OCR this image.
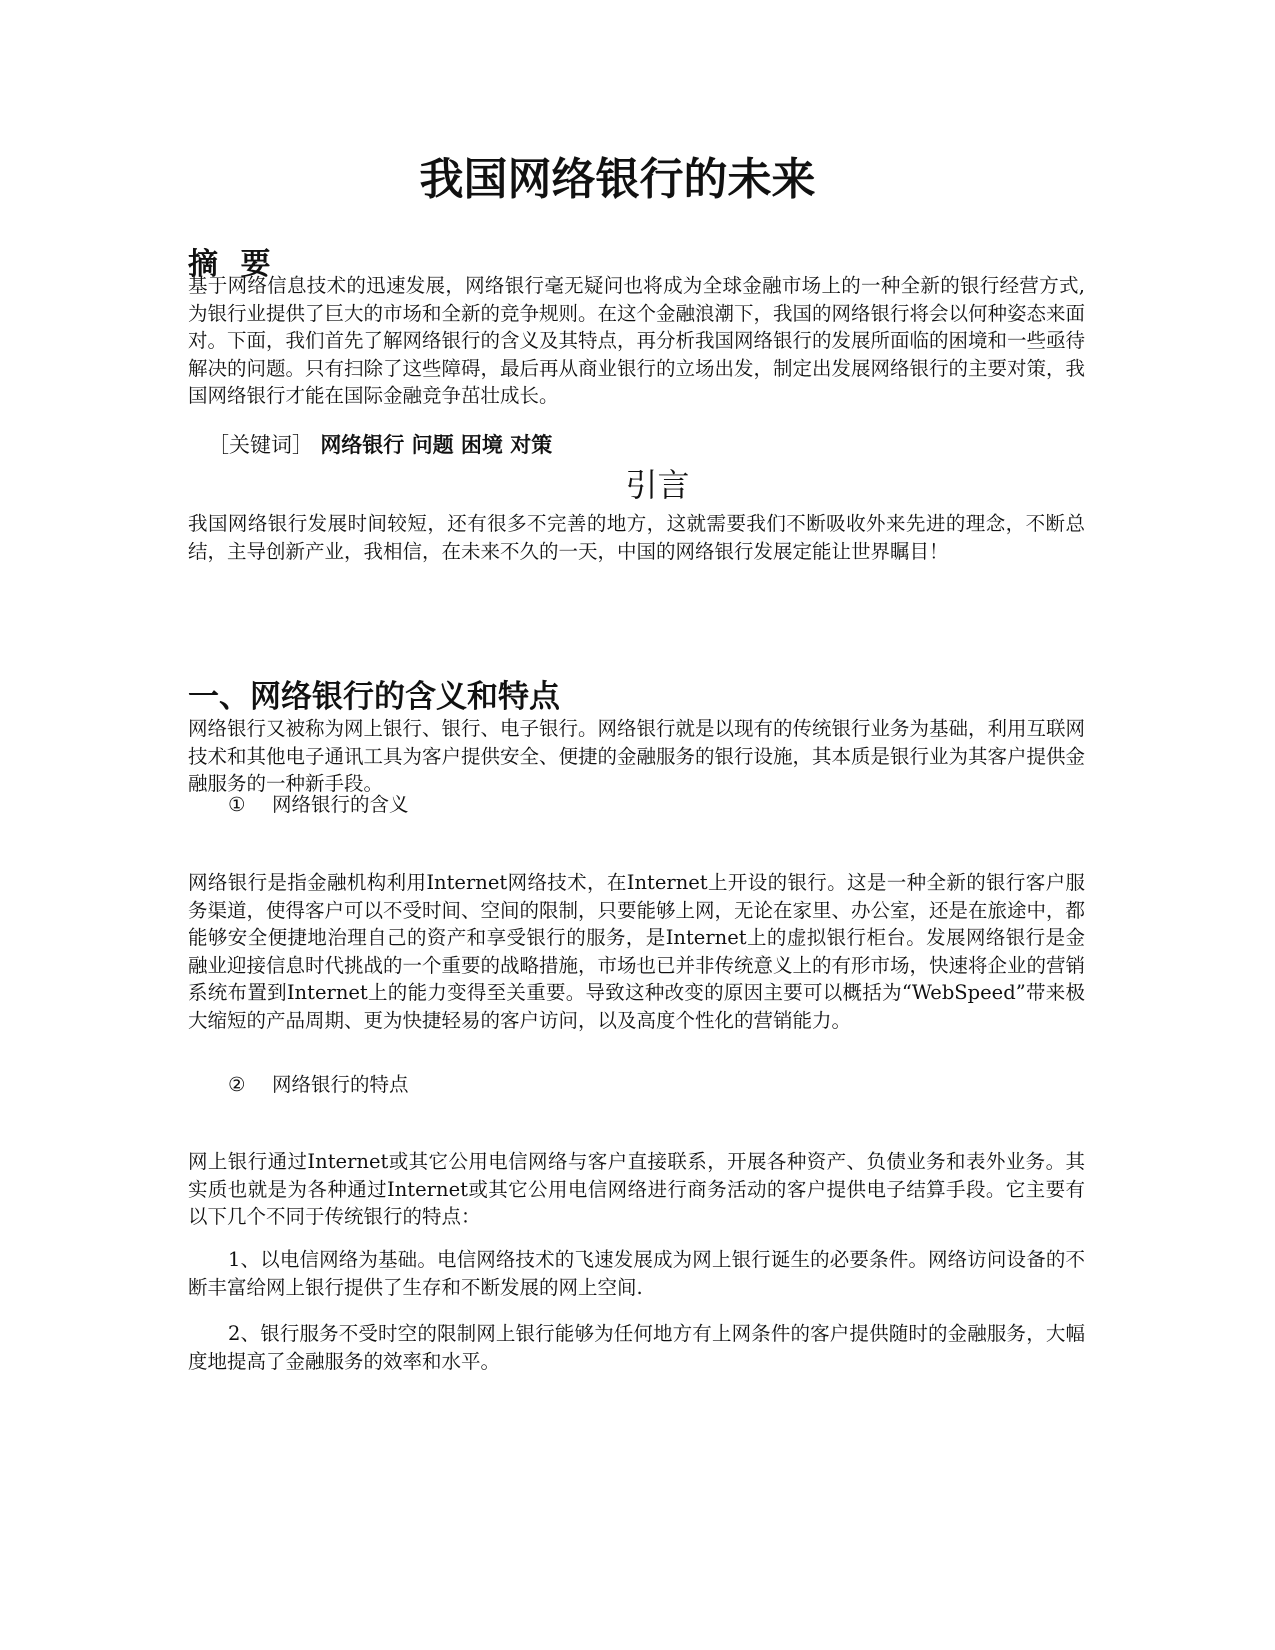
我国网络银行的未来
摘 要

基于网络信息技术的迅速发展，网络银行毫无疑问也将成为全球金融市场上的一种全新的银行经营方式,为银行业提供了巨大的市场和全新的竞争规则。在这个金融浪潮下，我国的网络银行将会以何种姿态来面对。下面，我们首先了解网络银行的含义及其特点，再分析我国网络银行的发展所面临的困境和一些亟待解决的问题。只有扫除了这些障碍，最后再从商业银行的立场出发，制定出发展网络银行的主要对策，我国网络银行才能在国际金融竞争茁壮成长。

［关键词］ 网络银行 问题 困境 对策
引言

我国网络银行发展时间较短，还有很多不完善的地方，这就需要我们不断吸收外来先进的理念，不断总结，主导创新产业，我相信，在未来不久的一天，中国的网络银行发展定能让世界瞩目！

一、网络银行的含义和特点

网络银行又被称为网上银行、银行、电子银行。网络银行就是以现有的传统银行业务为基础，利用互联网技术和其他电子通讯工具为客户提供安全、便捷的金融服务的银行设施，其本质是银行业为其客户提供金融服务的一种新手段。

① 网络银行的含义

网络银行是指金融机构利用Internet网络技术，在Internet上开设的银行。这是一种全新的银行客户服务渠道，使得客户可以不受时间、空间的限制，只要能够上网，无论在家里、办公室，还是在旅途中，都能够安全便捷地治理自己的资产和享受银行的服务，是Internet上的虚拟银行柜台。发展网络银行是金融业迎接信息时代挑战的一个重要的战略措施，市场也已并非传统意义上的有形市场，快速将企业的营销系统布置到Internet上的能力变得至关重要。导致这种改变的原因主要可以概括为“WebSpeed”带来极大缩短的产品周期、更为快捷轻易的客户访问，以及高度个性化的营销能力。

② 网络银行的特点

网上银行通过Internet或其它公用电信网络与客户直接联系，开展各种资产、负债业务和表外业务。其实质也就是为各种通过Internet或其它公用电信网络进行商务活动的客户提供电子结算手段。它主要有以下几个不同于传统银行的特点：

1、以电信网络为基础。电信网络技术的飞速发展成为网上银行诞生的必要条件。网络访问设备的不断丰富给网上银行提供了生存和不断发展的网上空间.

2、银行服务不受时空的限制网上银行能够为任何地方有上网条件的客户提供随时的金融服务，大幅度地提高了金融服务的效率和水平。
